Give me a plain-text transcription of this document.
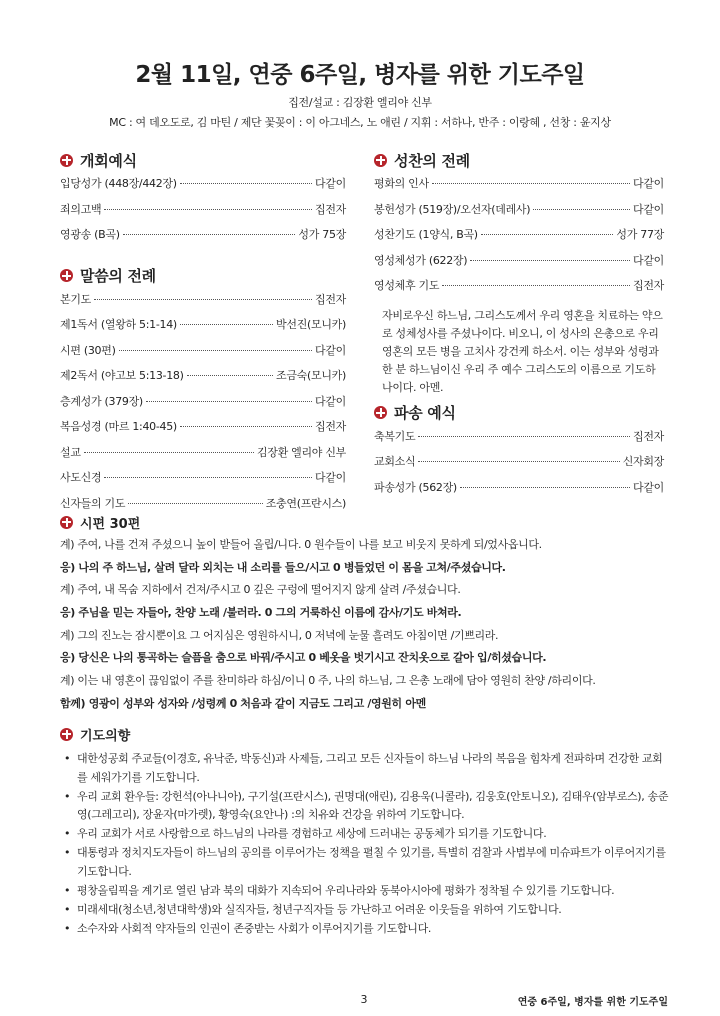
2월 11일, 연중 6주일, 병자를 위한 기도주일
집전/설교 : 김장환 엘리야 신부
MC : 여 데오도로, 김 마틴 / 제단 꽃꽂이 : 이 아그네스, 노 애린 / 지휘 : 서하나, 반주 : 이랑혜 , 선창 : 윤지상
개회예식
입당성가 (448장/442장)	다같이
죄의고백	집전자
영광송 (B곡)	성가 75장
말씀의 전례
본기도	집전자
제1독서 (열왕하 5:1-14)	박선진(모니카)
시편 (30편)	다같이
제2독서 (야고보 5:13-18)	조금숙(모니카)
층계성가 (379장)	다같이
복음성경 (마르 1:40-45)	집전자
설교	김장환 엘리야 신부
사도신경	다같이
신자들의 기도	조충연(프란시스)
성찬의 전례
평화의 인사	다같이
봉헌성가 (519장)/오선자(데레사)	다같이
성찬기도 (1양식, B곡)	성가 77장
영성체성가 (622장)	다같이
영성체후 기도	집전자
자비로우신 하느님, 그리스도께서 우리 영혼을 치료하는 약으로 성체성사를 주셨나이다. 비오니, 이 성사의 은총으로 우리 영혼의 모든 병을 고치사 강건케 하소서. 이는 성부와 성령과 한 분 하느님이신 우리 주 예수 그리스도의 이름으로 기도하나이다. 아멘.
파송 예식
축복기도	집전자
교회소식	신자회장
파송성가 (562장)	다같이
시편 30편
계) 주여, 나를 건져 주셨으니 높이 받들어 올립/니다. 0 원수들이 나를 보고 비웃지 못하게 되/었사옵니다.
응) 나의 주 하느님, 살려 달라 외치는 내 소리를 들으/시고 0 병들었던 이 몸을 고쳐/주셨습니다.
계) 주여, 내 목숨 지하에서 건져/주시고 0 깊은 구렁에 떨어지지 않게 살려 /주셨습니다.
응) 주님을 믿는 자들아, 찬양 노래 /불러라. 0 그의 거룩하신 이름에 감사/기도 바쳐라.
계) 그의 진노는 잠시뿐이요 그 어지심은 영원하시니, 0 저녁에 눈물 흘려도 아침이면 /기쁘리라.
응) 당신은 나의 통곡하는 슬픔을 춤으로 바꿔/주시고 0 베옷을 벗기시고 잔치옷으로 갈아 입/히셨습니다.
계) 이는 내 영혼이 끊임없이 주를 찬미하라 하심/이니 0 주, 나의 하느님, 그 은총 노래에 담아 영원히 찬양 /하리이다.
함께) 영광이 성부와 성자와 /성령께 0 처음과 같이 지금도 그리고 /영원히 아멘
기도의향
• 대한성공회 주교들(이경호, 유낙준, 박동신)과 사제들, 그리고 모든 신자들이 하느님 나라의 복음을 힘차게 전파하며 건강한 교회를 세워가기를 기도합니다.
• 우리 교회 환우들: 강헌석(아나니아), 구기설(프란시스), 권명대(애린), 김용욱(니콜라), 김웅호(안토니오), 김태우(암부로스), 송준영(그레고리), 장윤자(마가렛), 황영숙(요안나) :의 치유와 건강을 위하여 기도합니다.
• 우리 교회가 서로 사랑함으로 하느님의 나라를 경험하고 세상에 드러내는 공동체가 되기를 기도합니다.
• 대통령과 정치지도자들이 하느님의 공의를 이루어가는 정책을 펼칠 수 있기를, 특별히 검찰과 사법부에 미슈파트가 이루어지기를 기도합니다.
• 평창올림픽을 계기로 열린 남과 북의 대화가 지속되어 우리나라와 동북아시아에 평화가 정착될 수 있기를 기도합니다.
• 미래세대(청소년,청년대학생)와 실직자들, 청년구직자들 등 가난하고 어려운 이웃들을 위하여 기도합니다.
• 소수자와 사회적 약자들의 인권이 존중받는 사회가 이루어지기를 기도합니다.
3	연중 6주일, 병자를 위한 기도주일
